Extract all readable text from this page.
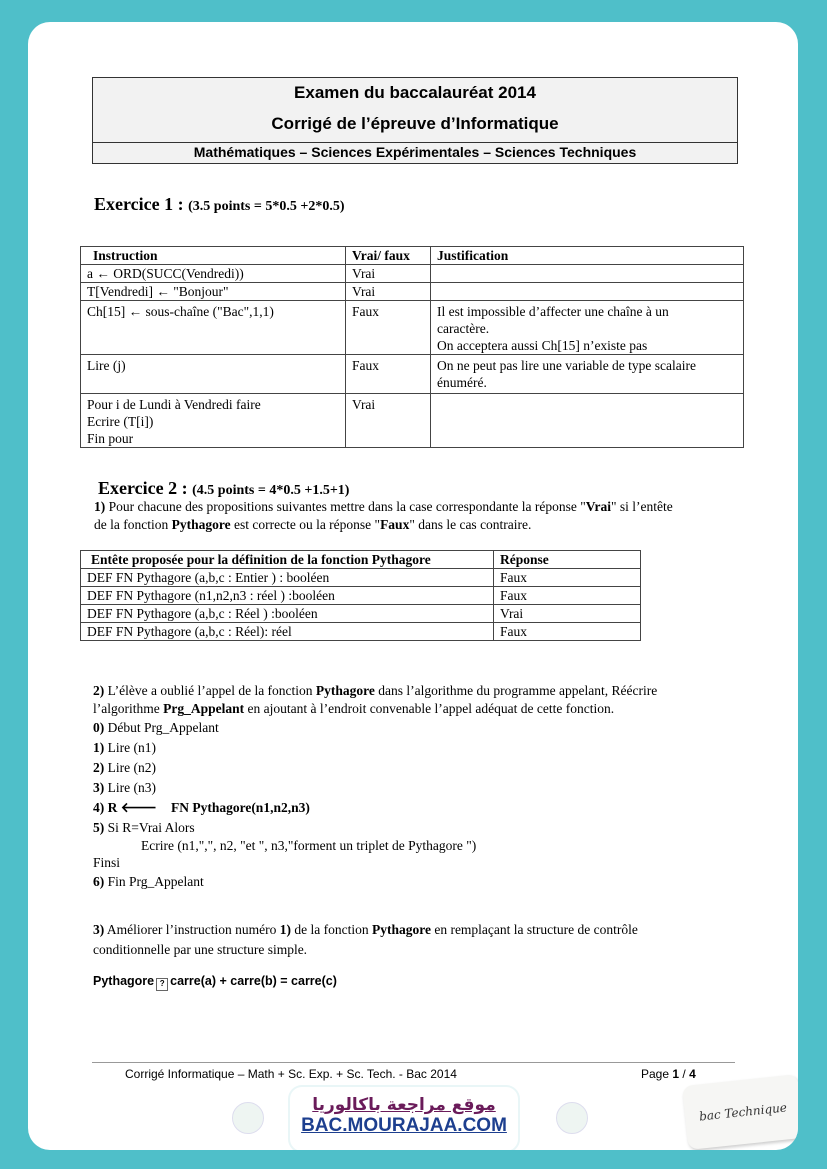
Examen du baccalauréat 2014
Corrigé de l’épreuve d’Informatique
Mathématiques – Sciences Expérimentales – Sciences Techniques
Exercice 1 : (3.5 points = 5*0.5 +2*0.5)
Instruction	Vrai/ faux	Justification

a ← ORD(SUCC(Vendredi))	Vrai	

T[Vendredi] ← "Bonjour"	Vrai	

Ch[15] ← sous-chaîne ("Bac",1,1)	Faux	Il est impossible d’affecter une chaîne à un
caractère.
On acceptera aussi Ch[15] n’existe pas

Lire (j)	Faux	On ne peut pas lire une variable de type scalaire
énuméré.

Pour i de Lundi à Vendredi faire
Ecrire (T[i])
Fin pour	Vrai	
Exercice 2 : (4.5 points = 4*0.5 +1.5+1)
1) Pour chacune des propositions suivantes mettre dans la case correspondante la réponse "Vrai" si l’entête
de la fonction Pythagore est correcte ou la réponse "Faux" dans le cas contraire.
Entête proposée pour la définition de la fonction Pythagore	Réponse
DEF FN Pythagore (a,b,c : Entier ) : booléen	Faux
DEF FN Pythagore (n1,n2,n3 : réel ) :booléen	Faux
DEF FN Pythagore (a,b,c : Réel ) :booléen	Vrai
DEF FN Pythagore (a,b,c : Réel): réel	Faux
2) L’élève a oublié l’appel de la fonction Pythagore dans l’algorithme du programme appelant, Réécrire
l’algorithme Prg_Appelant en ajoutant à l’endroit convenable l’appel adéquat de cette fonction.
0) Début Prg_Appelant
1) Lire (n1)
2) Lire (n2)
3) Lire (n3)
4) R 🡐 FN Pythagore(n1,n2,n3)
5) Si R=Vrai Alors
Ecrire (n1,",", n2, "et ", n3,"forment un triplet de Pythagore ")
Finsi
6) Fin Prg_Appelant
3) Améliorer l’instruction numéro 1) de la fonction Pythagore en remplaçant la structure de contrôle
conditionnelle par une structure simple.
Pythagore ? carre(a) + carre(b) = carre(c)
Corrigé Informatique – Math + Sc. Exp. + Sc. Tech. - Bac 2014	Page 1 / 4
موقع مراجعة باكالوريا
BAC.MOURAJAA.COM
bac Technique
